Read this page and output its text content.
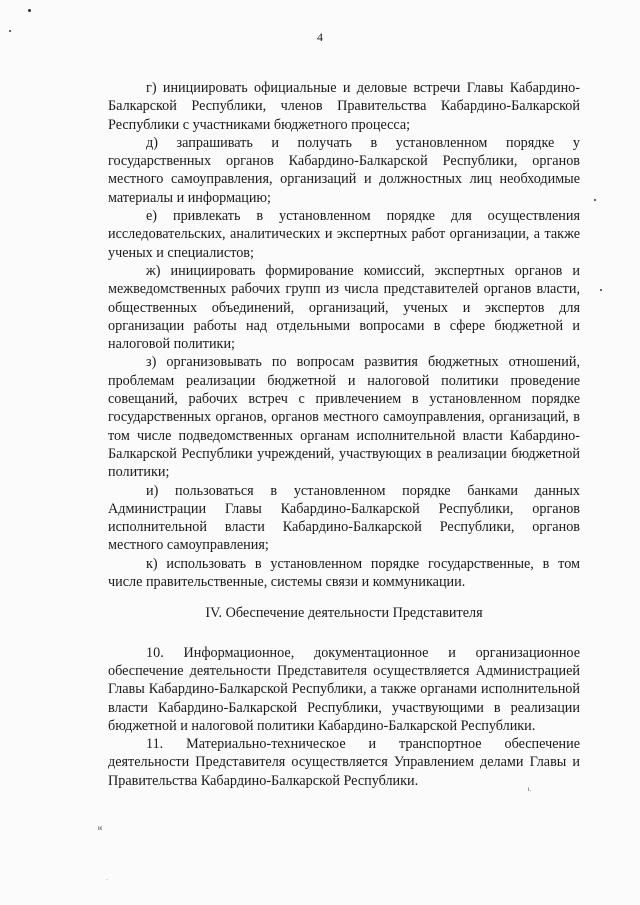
4
ιк
ι.
·

г) инициировать официальные и деловые встречи Главы Кабардино-Балкарской Республики, членов Правительства Кабардино-Балкарской Республики с участниками бюджетного процесса;

д) запрашивать и получать в установленном порядке у государственных органов Кабардино-Балкарской Республики, органов местного самоуправления, организаций и должностных лиц необходимые материалы и информацию;

е) привлекать в установленном порядке для осуществления исследовательских, аналитических и экспертных работ организации, а также ученых и специалистов;

ж) инициировать формирование комиссий, экспертных органов и межведомственных рабочих групп из числа представителей органов власти, общественных объединений, организаций, ученых и экспертов для организации работы над отдельными вопросами в сфере бюджетной и налоговой политики;

з) организовывать по вопросам развития бюджетных отношений, проблемам реализации бюджетной и налоговой политики проведение совещаний, рабочих встреч с привлечением в установленном порядке государственных органов, органов местного самоуправления, организаций, в том числе подведомственных органам исполнительной власти Кабардино-Балкарской Республики учреждений, участвующих в реализации бюджетной политики;

и) пользоваться в установленном порядке банками данных Администрации Главы Кабардино-Балкарской Республики, органов исполнительной власти Кабардино-Балкарской Республики, органов местного самоуправления;

к) использовать в установленном порядке государственные, в том числе правительственные, системы связи и коммуникации.

IV. Обеспечение деятельности Представителя

10. Информационное, документационное и организационное обеспечение деятельности Представителя осуществляется Администрацией Главы Кабардино-Балкарской Республики, а также органами исполнительной власти Кабардино-Балкарской Республики, участвующими в реализации бюджетной и налоговой политики Кабардино-Балкарской Республики.

11. Материально-техническое и транспортное обеспечение деятельности Представителя осуществляется Управлением делами Главы и Правительства Кабардино-Балкарской Республики.
